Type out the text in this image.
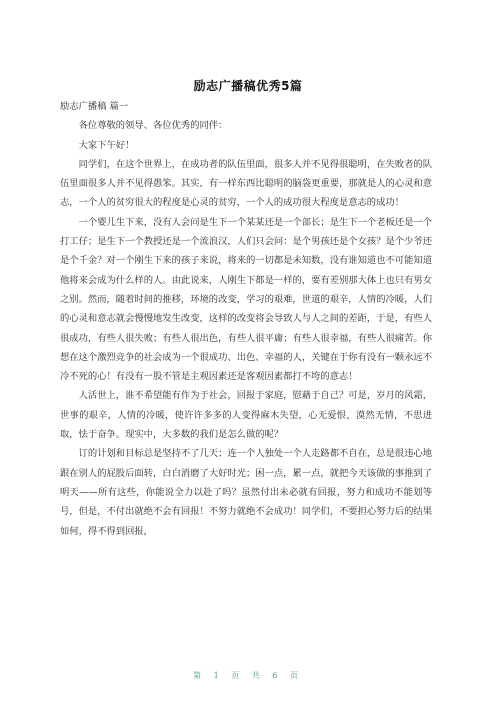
励志广播稿优秀5篇

励志广播稿 篇一

各位尊敬的领导、各位优秀的同伴：

大家下午好！

同学们，在这个世界上，在成功者的队伍里面，很多人并不见得很聪明，在失败者的队伍里面很多人并不见得愚笨。其实，有一样东西比聪明的脑袋更重要，那就是人的心灵和意志，一个人的贫穷很大的程度是心灵的贫穷，一个人的成功很大程度是意志的成功！

一个婴儿生下来，没有人会问是生下一个某某还是一个部长；是生下一个老板还是一个打工仔；是生下一个教授还是一个流浪汉，人们只会问：是个男孩还是个女孩？是个少爷还是个千金？对一个刚生下来的孩子来说，将来的一切都是未知数，没有谁知道也不可能知道他将来会成为什么样的人。由此说来，人刚生下都是一样的，要有差别那大体上也只有男女之别。然而，随着时间的推移，环境的改变，学习的艰难，世道的艰辛，人情的冷暖，人们的心灵和意志就会慢慢地发生改变，这样的改变将会导致人与人之间的差距，于是，有些人很成功，有些人很失败；有些人很出色，有些人很平庸；有些人很幸福，有些人很痛苦。你想在这个激烈竞争的社会成为一个很成功、出色、幸福的人，关键在于你有没有一颗永远不冷不死的心！有没有一股不管是主观因素还是客观因素都打不垮的意志！

人活世上，谁不希望能有作为于社会，回报于家庭，慰藉于自己？可是，岁月的风霜，世事的艰辛，人情的冷暖，使许许多多的人变得麻木失望，心无爱恨，漠然无情，不思进取，怯于奋争。现实中，大多数的我们是怎么做的呢？

订的计划和目标总是坚持不了几天；连一个人独处一个人走路都不自在，总是很违心地跟在别人的屁股后面转，白白消磨了大好时光；困一点，累一点，就把今天该做的事推到了明天——所有这些，你能说全力以赴了吗？虽然付出未必就有回报，努力和成功不能划等号，但是，不付出就绝不会有回报！不努力就绝不会成功！同学们，不要担心努力后的结果如何，得不得到回报，

第 1 页 共 6 页
